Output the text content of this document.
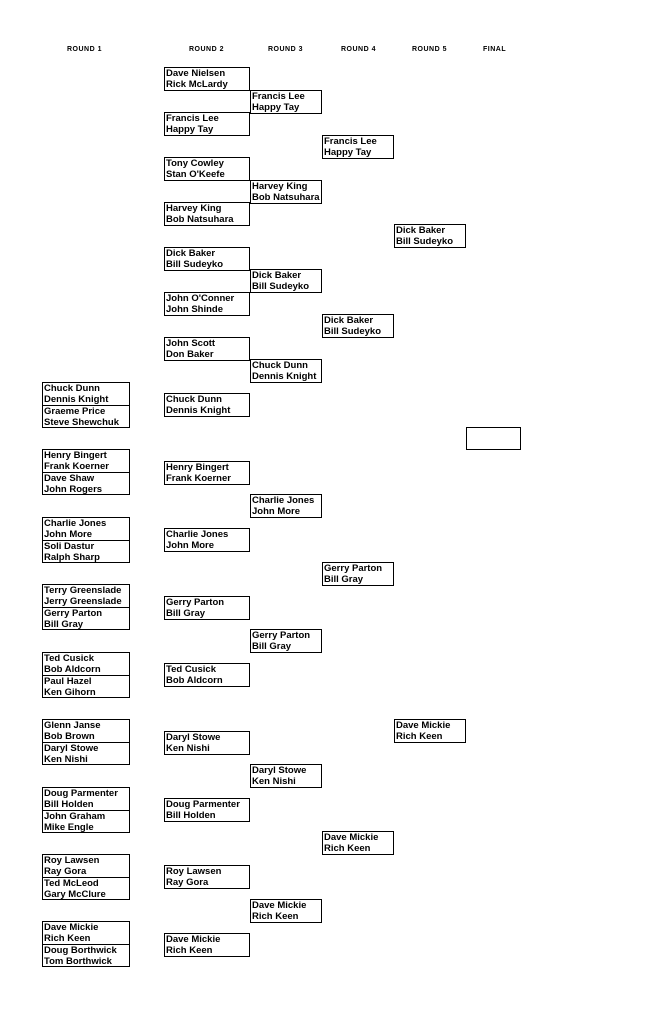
ROUND 1	ROUND 2	ROUND 3	ROUND 4	ROUND 5	FINAL
Chuck Dunn
Dennis Knight
Graeme Price
Steve Shewchuk
Henry Bingert
Frank Koerner
Dave Shaw
John Rogers
Charlie Jones
John More
Soli Dastur
Ralph Sharp
Terry Greenslade
Jerry Greenslade
Gerry Parton
Bill Gray
Ted Cusick
Bob Aldcorn
Paul Hazel
Ken Gihorn
Glenn Janse
Bob Brown
Daryl Stowe
Ken Nishi
Doug Parmenter
Bill Holden
John Graham
Mike Engle
Roy Lawsen
Ray Gora
Ted McLeod
Gary McClure
Dave Mickie
Rich Keen
Doug Borthwick
Tom Borthwick
Dave Nielsen
Rick McLardy
Francis Lee
Happy Tay
Tony Cowley
Stan O'Keefe
Harvey King
Bob Natsuhara
Dick Baker
Bill Sudeyko
John O'Conner
John Shinde
John Scott
Don Baker
Chuck Dunn
Dennis Knight
Henry Bingert
Frank Koerner
Charlie Jones
John More
Gerry Parton
Bill Gray
Ted Cusick
Bob Aldcorn
Daryl Stowe
Ken Nishi
Doug Parmenter
Bill Holden
Roy Lawsen
Ray Gora
Dave Mickie
Rich Keen
Francis Lee
Happy Tay
Harvey King
Bob Natsuhara
Dick Baker
Bill Sudeyko
Chuck Dunn
Dennis Knight
Charlie Jones
John More
Gerry Parton
Bill Gray
Daryl Stowe
Ken Nishi
Dave Mickie
Rich Keen
Francis Lee
Happy Tay
Dick Baker
Bill Sudeyko
Gerry Parton
Bill Gray
Dave Mickie
Rich Keen
Dick Baker
Bill Sudeyko
Dave Mickie
Rich Keen
